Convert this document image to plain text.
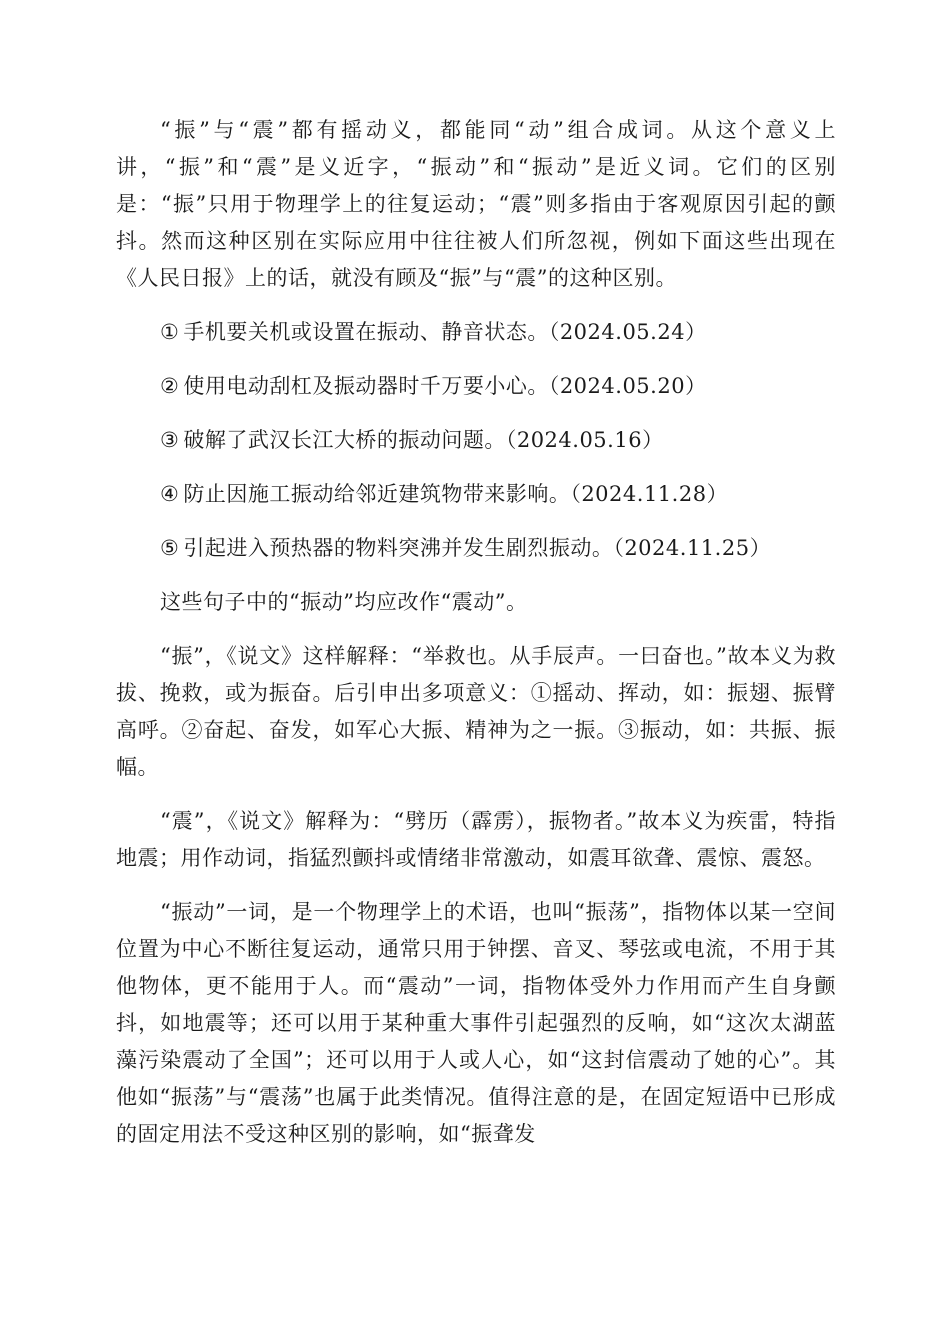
“振”与“震”都有摇动义，都能同“动”组合成词。从这个意义上讲，“振”和“震”是义近字，“振动”和“振动”是近义词。它们的区别是：“振”只用于物理学上的往复运动；“震”则多指由于客观原因引起的颤抖。然而这种区别在实际应用中往往被人们所忽视，例如下面这些出现在《人民日报》上的话，就没有顾及“振”与“震”的这种区别。

① 手机要关机或设置在振动、静音状态。（2024.05.24）
② 使用电动刮杠及振动器时千万要小心。（2024.05.20）
③ 破解了武汉长江大桥的振动问题。（2024.05.16）
④ 防止因施工振动给邻近建筑物带来影响。（2024.11.28）
⑤ 引起进入预热器的物料突沸并发生剧烈振动。（2024.11.25）

这些句子中的“振动”均应改作“震动”。

“振”，《说文》这样解释：“举救也。从手辰声。一曰奋也。”故本义为救拔、挽救，或为振奋。后引申出多项意义：①摇动、挥动，如：振翅、振臂高呼。②奋起、奋发，如军心大振、精神为之一振。③振动，如：共振、振幅。

“震”，《说文》解释为：“劈历（霹雳），振物者。”故本义为疾雷，特指地震；用作动词，指猛烈颤抖或情绪非常激动，如震耳欲聋、震惊、震怒。

“振动”一词，是一个物理学上的术语，也叫“振荡”，指物体以某一空间位置为中心不断往复运动，通常只用于钟摆、音叉、琴弦或电流，不用于其他物体，更不能用于人。而“震动”一词，指物体受外力作用而产生自身颤抖，如地震等；还可以用于某种重大事件引起强烈的反响，如“这次太湖蓝藻污染震动了全国”；还可以用于人或人心，如“这封信震动了她的心”。其他如“振荡”与“震荡”也属于此类情况。值得注意的是，在固定短语中已形成的固定用法不受这种区别的影响，如“振聋发
